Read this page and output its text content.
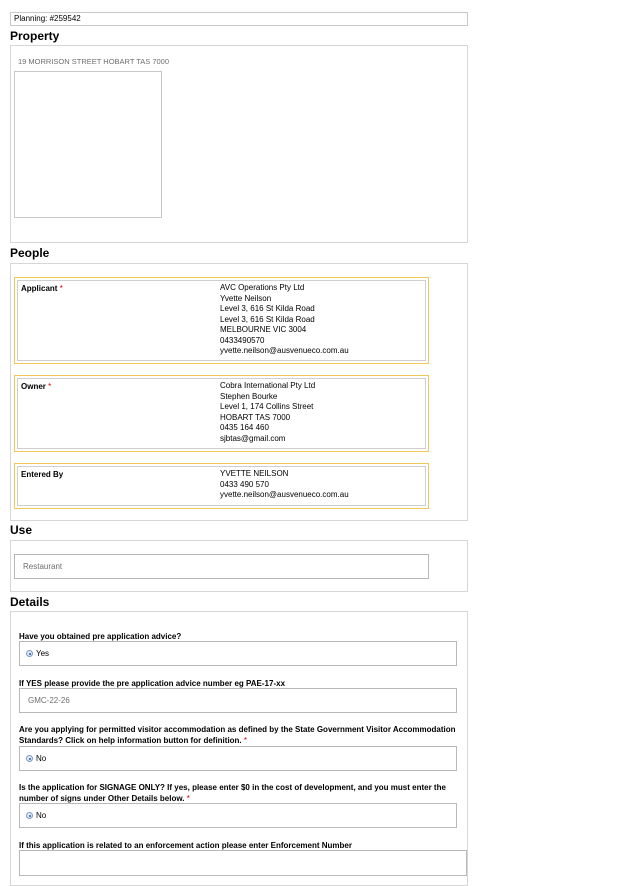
Planning: #259542
Property
19 MORRISON STREET HOBART TAS 7000
People
Applicant *	AVC Operations Pty Ltd
Yvette Neilson
Level 3, 616 St Kilda Road
Level 3, 616 St Kilda Road
MELBOURNE VIC 3004
0433490570
yvette.neilson@ausvenueco.com.au
Owner *	Cobra International Pty Ltd
Stephen Bourke
Level 1, 174 Collins Street
HOBART TAS 7000
0435 164 460
sjbtas@gmail.com
Entered By	YVETTE NEILSON
0433 490 570
yvette.neilson@ausvenueco.com.au
Use
Restaurant
Details
Have you obtained pre application advice?
Yes
If YES please provide the pre application advice number eg PAE-17-xx
GMC-22-26
Are you applying for permitted visitor accommodation as defined by the State Government Visitor Accommodation
Standards? Click on help information button for definition. *
No
Is the application for SIGNAGE ONLY? If yes, please enter $0 in the cost of development, and you must enter the
number of signs under Other Details below. *
No
If this application is related to an enforcement action please enter Enforcement Number
